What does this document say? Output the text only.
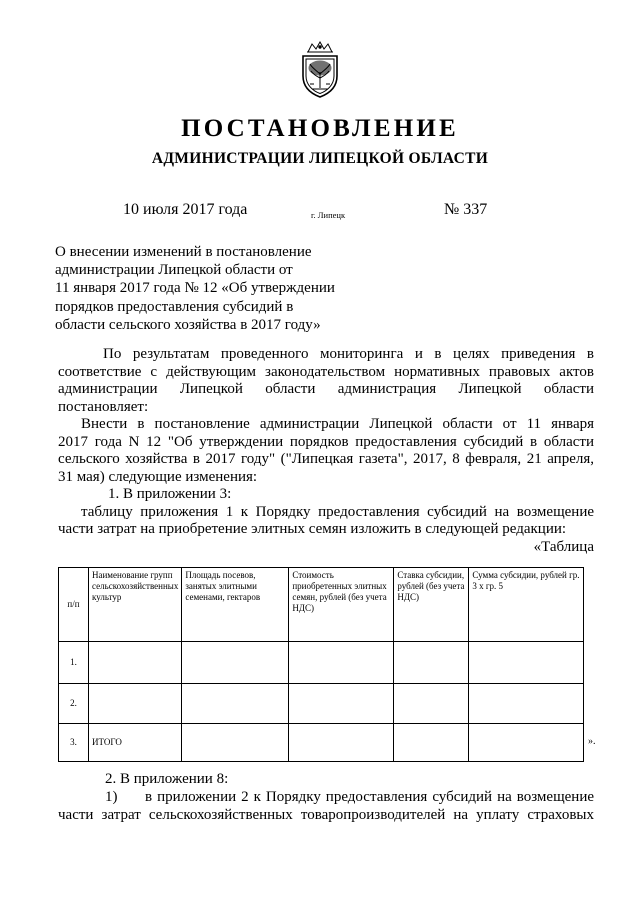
ПОСТАНОВЛЕНИЕ
АДМИНИСТРАЦИИ ЛИПЕЦКОЙ ОБЛАСТИ
10 июля 2017 года	г. Липецк	№ 337
О внесении изменений в постановление
администрации Липецкой области от
11 января 2017 года № 12 «Об утверждении
порядков предоставления субсидий в
области сельского хозяйства в 2017 году»
По результатам проведенного мониторинга и в целях приведения в
соответствие с действующим законодательством нормативных правовых актов
администрации Липецкой области администрация Липецкой области
постановляет:
Внести в постановление администрации Липецкой области от 11 января
2017 года N 12 "Об утверждении порядков предоставления субсидий в области
сельского хозяйства в 2017 году" ("Липецкая газета", 2017, 8 февраля, 21 апреля,
31 мая) следующие изменения:
1. В приложении 3:
таблицу приложения 1 к Порядку предоставления субсидий на возмещение
части затрат на приобретение элитных семян изложить в следующей редакции:
«Таблица
п/п	Наименование групп сельскохозяйственных культур	Площадь посевов, занятых элитными семенами, гектаров	Стоимость приобретенных элитных семян, рублей (без учета НДС)	Ставка субсидии, рублей (без учета НДС)	Сумма субсидии, рублей гр. 3 х гр. 5
1.					
2.					
3.	ИТОГО					».
2. В приложении 8:
1) в приложении 2 к Порядку предоставления субсидий на возмещение
части затрат сельскохозяйственных товаропроизводителей на уплату страховых
